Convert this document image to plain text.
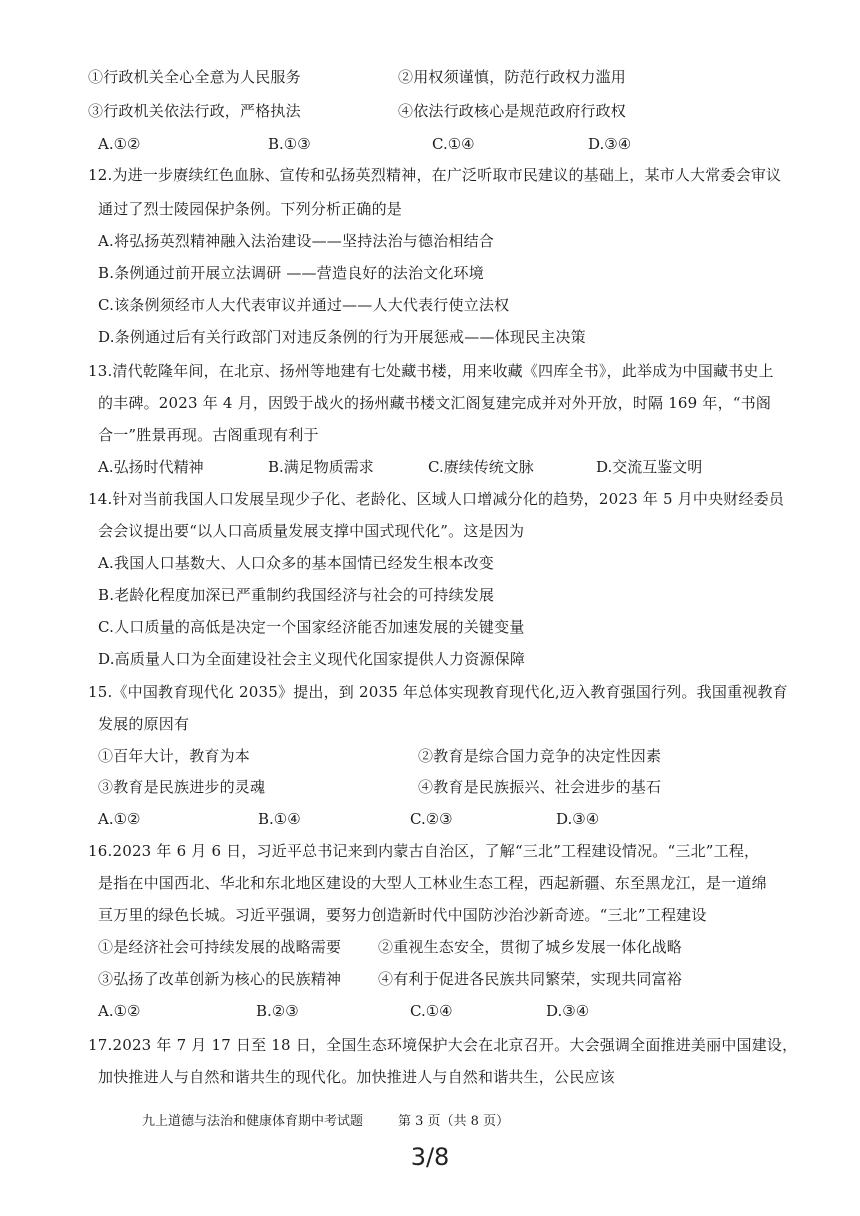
①行政机关全心全意为人民服务	②用权须谨慎，防范行政权力滥用
③行政机关依法行政，严格执法	④依法行政核心是规范政府行政权
A.①②	B.①③	C.①④	D.③④
12.为进一步赓续红色血脉、宣传和弘扬英烈精神，在广泛听取市民建议的基础上，某市人大常委会审议
通过了烈士陵园保护条例。下列分析正确的是
A.将弘扬英烈精神融入法治建设——坚持法治与德治相结合
B.条例通过前开展立法调研 ——营造良好的法治文化环境
C.该条例须经市人大代表审议并通过——人大代表行使立法权
D.条例通过后有关行政部门对违反条例的行为开展惩戒——体现民主决策
13.清代乾隆年间，在北京、扬州等地建有七处藏书楼，用来收藏《四库全书》，此举成为中国藏书史上
的丰碑。2023 年 4 月，因毁于战火的扬州藏书楼文汇阁复建完成并对外开放，时隔 169 年，“书阁
合一”胜景再现。古阁重现有利于
A.弘扬时代精神	B.满足物质需求	C.赓续传统文脉	D.交流互鉴文明
14.针对当前我国人口发展呈现少子化、老龄化、区域人口增减分化的趋势，2023 年 5 月中央财经委员
会会议提出要“以人口高质量发展支撑中国式现代化”。这是因为
A.我国人口基数大、人口众多的基本国情已经发生根本改变
B.老龄化程度加深已严重制约我国经济与社会的可持续发展
C.人口质量的高低是决定一个国家经济能否加速发展的关键变量
D.高质量人口为全面建设社会主义现代化国家提供人力资源保障
15.《中国教育现代化 2035》提出，到 2035 年总体实现教育现代化,迈入教育强国行列。我国重视教育
发展的原因有
①百年大计，教育为本	②教育是综合国力竞争的决定性因素
③教育是民族进步的灵魂	④教育是民族振兴、社会进步的基石
A.①②	B.①④	C.②③	D.③④
16.2023 年 6 月 6 日，习近平总书记来到内蒙古自治区，了解“三北”工程建设情况。“三北”工程，
是指在中国西北、华北和东北地区建设的大型人工林业生态工程，西起新疆、东至黑龙江，是一道绵
亘万里的绿色长城。习近平强调，要努力创造新时代中国防沙治沙新奇迹。“三北”工程建设
①是经济社会可持续发展的战略需要 ②重视生态安全，贯彻了城乡发展一体化战略
③弘扬了改革创新为核心的民族精神 ④有利于促进各民族共同繁荣，实现共同富裕
A.①②	B.②③	C.①④	D.③④
17.2023 年 7 月 17 日至 18 日，全国生态环境保护大会在北京召开。大会强调全面推进美丽中国建设，
加快推进人与自然和谐共生的现代化。加快推进人与自然和谐共生，公民应该
九上道德与法治和健康体育期中考试题	第 3 页（共 8 页）
3/8
